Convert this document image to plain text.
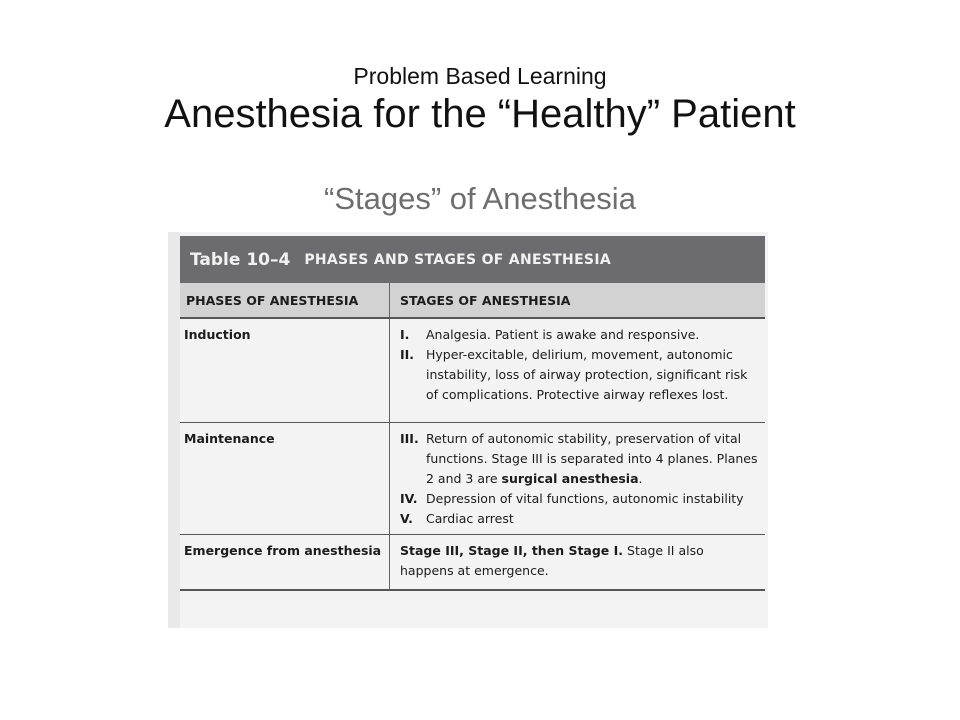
Problem Based Learning
Anesthesia for the “Healthy” Patient
“Stages” of Anesthesia
Table 10–4 PHASES AND STAGES OF ANESTHESIA
PHASES OF ANESTHESIA	STAGES OF ANESTHESIA
Induction	I.	Analgesia. Patient is awake and responsive.
II. Hyper-excitable, delirium, movement, autonomic instability, loss of airway protection, significant risk of complications. Protective airway reflexes lost.
Maintenance	III. Return of autonomic stability, preservation of vital functions. Stage III is separated into 4 planes. Planes 2 and 3 are surgical anesthesia.
IV. Depression of vital functions, autonomic instability
V.	Cardiac arrest
Emergence from anesthesia	Stage III, Stage II, then Stage I. Stage II also happens at emergence.
